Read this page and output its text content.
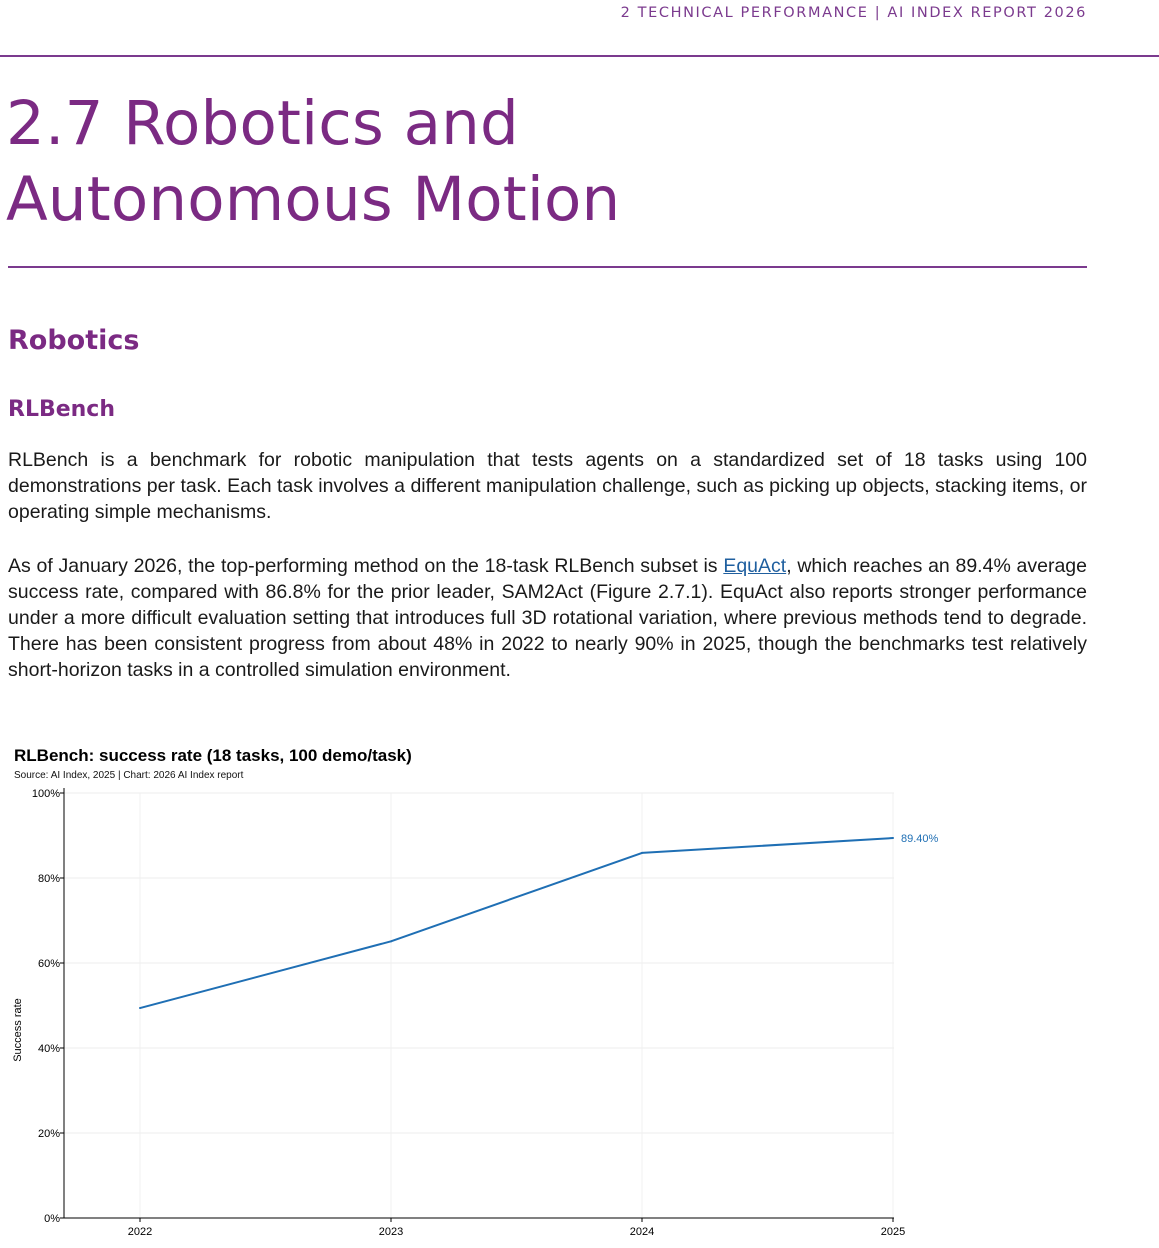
2 TECHNICAL PERFORMANCE | AI INDEX REPORT 2026
2.7 Robotics and
Autonomous Motion
Robotics
RLBench

RLBench is a benchmark for robotic manipulation that tests agents on a standardized set of 18 tasks using 100 demonstrations per task. Each task involves a different manipulation challenge, such as picking up objects, stacking items, or operating simple mechanisms.

As of January 2026, the top-performing method on the 18-task RLBench subset is EquAct, which reaches an 89.4% average success rate, compared with 86.8% for the prior leader, SAM2Act (Figure 2.7.1). EquAct also reports stronger performance under a more difficult evaluation setting that introduces full 3D rotational variation, where previous methods tend to degrade. There has been consistent progress from about 48% in 2022 to nearly 90% in 2025, though the benchmarks test relatively short-horizon tasks in a controlled simulation environment.

RLBench: success rate (18 tasks, 100 demo/task)
Source: AI Index, 2025 | Chart: 2026 AI Index report
0%
20%
40%
60%
80%
100%
2022	2023	2024	2025
Success rate
89.40%
